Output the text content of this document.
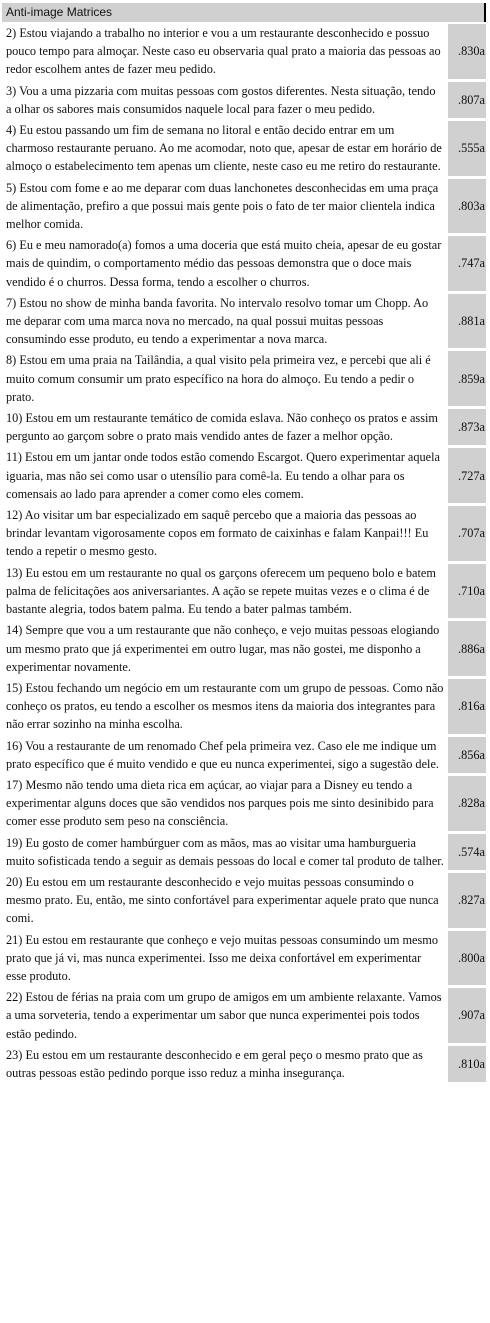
Anti-image Matrices
2) Estou viajando a trabalho no interior e vou a um restaurante desconhecido e possuo pouco tempo para almoçar. Neste caso eu observaria qual prato a maioria das pessoas ao redor escolhem antes de fazer meu pedido.
.830a
3) Vou a uma pizzaria com muitas pessoas com gostos diferentes. Nesta situação, tendo a olhar os sabores mais consumidos naquele local para fazer o meu pedido.
.807a
4) Eu estou passando um fim de semana no litoral e então decido entrar em um charmoso restaurante peruano. Ao me acomodar, noto que, apesar de estar em horário de almoço o estabelecimento tem apenas um cliente, neste caso eu me retiro do restaurante.
.555a
5) Estou com fome e ao me deparar com duas lanchonetes desconhecidas em uma praça de alimentação, prefiro a que possui mais gente pois o fato de ter maior clientela indica melhor comida.
.803a
6) Eu e meu namorado(a) fomos a uma doceria que está muito cheia, apesar de eu gostar mais de quindim, o comportamento médio das pessoas demonstra que o doce mais vendido é o churros. Dessa forma, tendo a escolher o churros.
.747a
7) Estou no show de minha banda favorita. No intervalo resolvo tomar um Chopp. Ao me deparar com uma marca nova no mercado, na qual possui muitas pessoas consumindo esse produto, eu tendo a experimentar a nova marca.
.881a
8) Estou em uma praia na Tailândia, a qual visito pela primeira vez, e percebi que ali é muito comum consumir um prato específico na hora do almoço. Eu tendo a pedir o prato.
.859a
10) Estou em um restaurante temático de comida eslava. Não conheço os pratos e assim pergunto ao garçom sobre o prato mais vendido antes de fazer a melhor opção.
.873a
11) Estou em um jantar onde todos estão comendo Escargot. Quero experimentar aquela iguaria, mas não sei como usar o utensílio para comê-la. Eu tendo a olhar para os comensais ao lado para aprender a comer como eles comem.
.727a
12) Ao visitar um bar especializado em saquê percebo que a maioria das pessoas ao brindar levantam vigorosamente copos em formato de caixinhas e falam Kanpai!!! Eu tendo a repetir o mesmo gesto.
.707a
13) Eu estou em um restaurante no qual os garçons oferecem um pequeno bolo e batem palma de felicitações aos aniversariantes. A ação se repete muitas vezes e o clima é de bastante alegria, todos batem palma. Eu tendo a bater palmas também.
.710a
14) Sempre que vou a um restaurante que não conheço, e vejo muitas pessoas elogiando um mesmo prato que já experimentei em outro lugar, mas não gostei, me disponho a experimentar novamente.
.886a
15) Estou fechando um negócio em um restaurante com um grupo de pessoas. Como não conheço os pratos, eu tendo a escolher os mesmos itens da maioria dos integrantes para não errar sozinho na minha escolha.
.816a
16) Vou a restaurante de um renomado Chef pela primeira vez. Caso ele me indique um prato específico que é muito vendido e que eu nunca experimentei, sigo a sugestão dele.
.856a
17) Mesmo não tendo uma dieta rica em açúcar, ao viajar para a Disney eu tendo a experimentar alguns doces que são vendidos nos parques pois me sinto desinibido para comer esse produto sem peso na consciência.
.828a
19) Eu gosto de comer hambúrguer com as mãos, mas ao visitar uma hamburgueria muito sofisticada tendo a seguir as demais pessoas do local e comer tal produto de talher.
.574a
20) Eu estou em um restaurante desconhecido e vejo muitas pessoas consumindo o mesmo prato. Eu, então, me sinto confortável para experimentar aquele prato que nunca comi.
.827a
21) Eu estou em restaurante que conheço e vejo muitas pessoas consumindo um mesmo prato que já vi, mas nunca experimentei. Isso me deixa confortável em experimentar esse produto.
.800a
22) Estou de férias na praia com um grupo de amigos em um ambiente relaxante. Vamos a uma sorveteria, tendo a experimentar um sabor que nunca experimentei pois todos estão pedindo.
.907a
23) Eu estou em um restaurante desconhecido e em geral peço o mesmo prato que as outras pessoas estão pedindo porque isso reduz a minha insegurança.
.810a
